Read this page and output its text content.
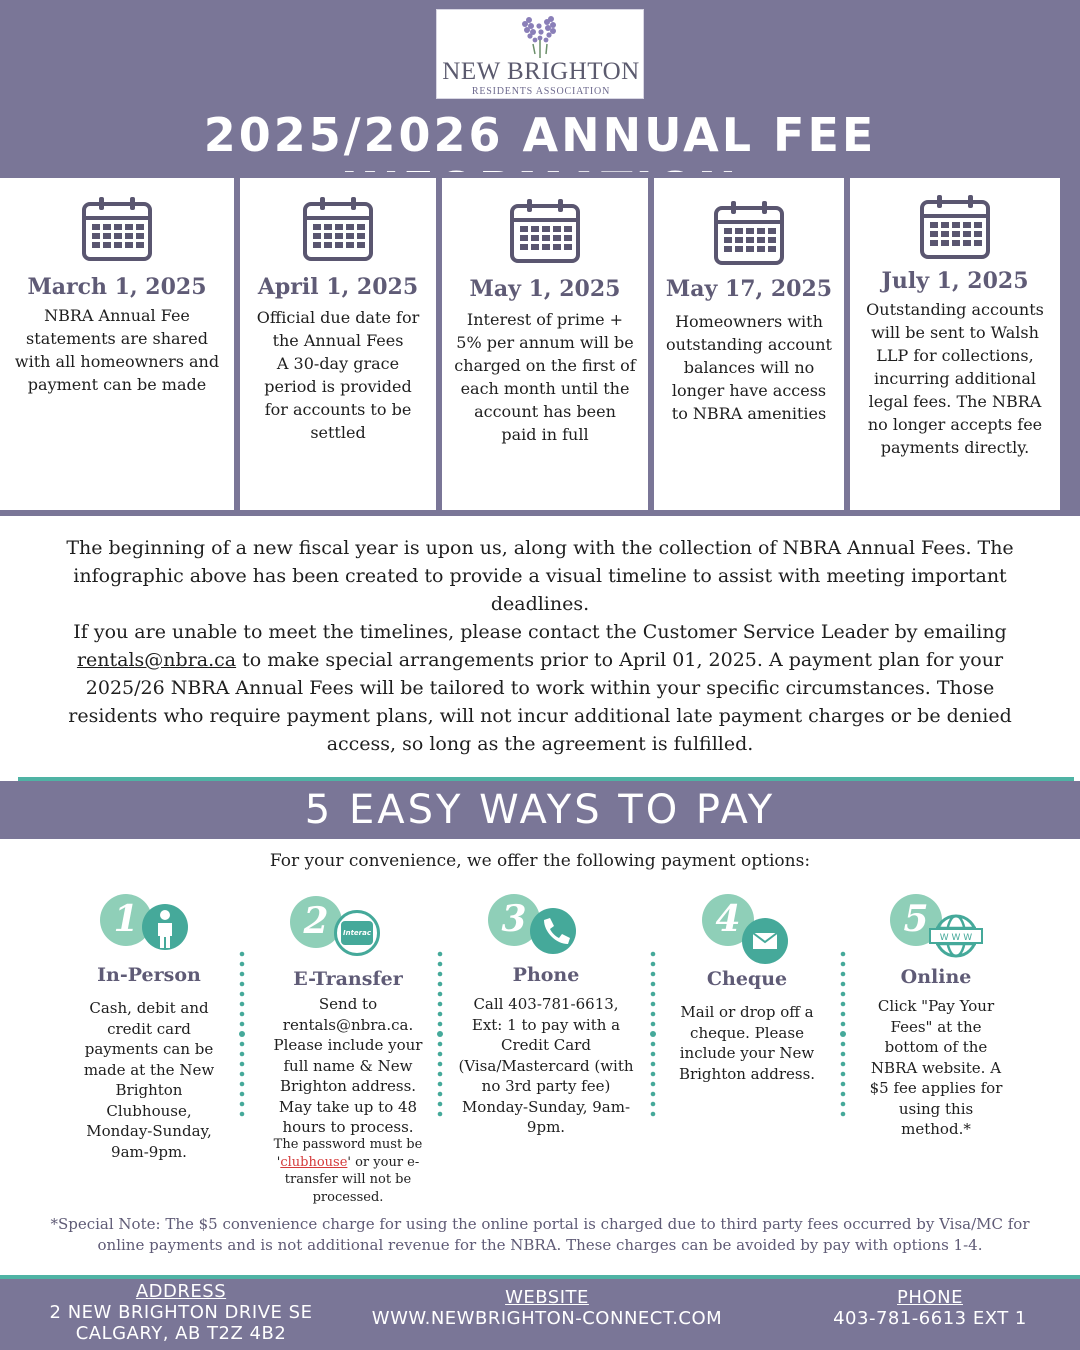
NEW BRIGHTON
RESIDENTS ASSOCIATION
2025/2026 ANNUAL FEE
March 1, 2025
NBRA Annual Fee statements are shared with all homeowners and payment can be made
April 1, 2025
Official due date for the Annual Fees
A 30-day grace period is provided for accounts to be settled
May 1, 2025
Interest of prime + 5% per annum will be charged on the first of each month until the account has been paid in full
May 17, 2025
Homeowners with outstanding account balances will no longer have access to NBRA amenities
July 1, 2025
Outstanding accounts will be sent to Walsh LLP for collections, incurring additional legal fees. The NBRA no longer accepts fee payments directly.

The beginning of a new fiscal year is upon us, along with the collection of NBRA Annual Fees. The infographic above has been created to provide a visual timeline to assist with meeting important deadlines.

If you are unable to meet the timelines, please contact the Customer Service Leader by emailing rentals@nbra.ca to make special arrangements prior to April 01, 2025. A payment plan for your 2025/26 NBRA Annual Fees will be tailored to work within your specific circumstances. Those residents who require payment plans, will not incur additional late payment charges or be denied access, so long as the agreement is fulfilled.

5 EASY WAYS TO PAY
For your convenience, we offer the following payment options:
1
In-Person
Cash, debit and credit card payments can be made at the New Brighton Clubhouse, Monday-Sunday, 9am-9pm.
2	Interac
E-Transfer
Send to rentals@nbra.ca. Please include your full name & New Brighton address. May take up to 48 hours to process.
The password must be 'clubhouse' or your e-transfer will not be processed.
3
Phone
Call 403-781-6613, Ext: 1 to pay with a Credit Card (Visa/Mastercard (with no 3rd party fee) Monday-Sunday, 9am-9pm.
4
Cheque
Mail or drop off a cheque. Please include your New Brighton address.
5	W W W
Online
Click "Pay Your Fees" at the bottom of the NBRA website. A $5 fee applies for using this method.*
*Special Note: The $5 convenience charge for using the online portal is charged due to third party fees occurred by Visa/MC for online payments and is not additional revenue for the NBRA. These charges can be avoided by pay with options 1-4.
ADDRESS
2 NEW BRIGHTON DRIVE SE
CALGARY, AB T2Z 4B2
WEBSITE
WWW.NEWBRIGHTON-CONNECT.COM
PHONE
403-781-6613 EXT 1
